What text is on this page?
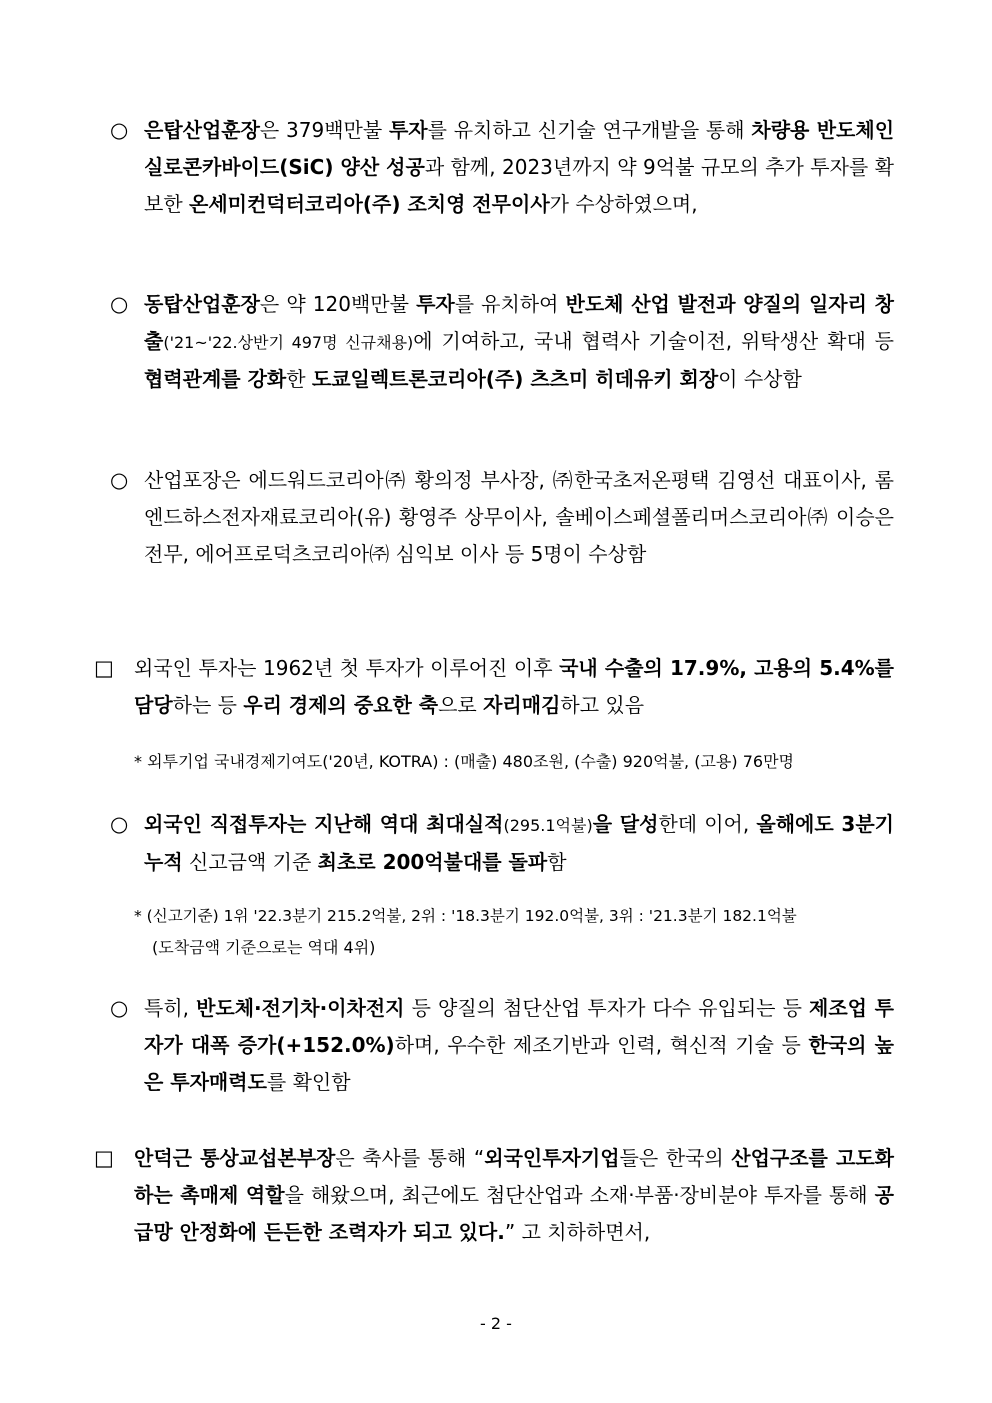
○ 은탑산업훈장은 379백만불 투자를 유치하고 신기술 연구개발을 통해 차량용 반도체인 실로콘카바이드(SiC) 양산 성공과 함께, 2023년까지 약 9억불 규모의 추가 투자를 확보한 온세미컨덕터코리아(주) 조치영 전무이사가 수상하였으며,

○ 동탑산업훈장은 약 120백만불 투자를 유치하여 반도체 산업 발전과 양질의 일자리 창출('21~'22.상반기 497명 신규채용)에 기여하고, 국내 협력사 기술이전, 위탁생산 확대 등 협력관계를 강화한 도쿄일렉트론코리아(주) 츠츠미 히데유키 회장이 수상함

○ 산업포장은 에드워드코리아㈜ 황의정 부사장, ㈜한국초저온평택 김영선 대표이사, 롬엔드하스전자재료코리아(유) 황영주 상무이사, 솔베이스페셜폴리머스코리아㈜ 이승은 전무, 에어프로덕츠코리아㈜ 심익보 이사 등 5명이 수상함

□ 외국인 투자는 1962년 첫 투자가 이루어진 이후 국내 수출의 17.9%, 고용의 5.4%를 담당하는 등 우리 경제의 중요한 축으로 자리매김하고 있음

* 외투기업 국내경제기여도('20년, KOTRA) : (매출) 480조원, (수출) 920억불, (고용) 76만명

○ 외국인 직접투자는 지난해 역대 최대실적(295.1억불)을 달성한데 이어, 올해에도 3분기 누적 신고금액 기준 최초로 200억불대를 돌파함

* (신고기준) 1위 '22.3분기 215.2억불, 2위 : '18.3분기 192.0억불, 3위 : '21.3분기 182.1억불

(도착금액 기준으로는 역대 4위)

○ 특히, 반도체·전기차·이차전지 등 양질의 첨단산업 투자가 다수 유입되는 등 제조업 투자가 대폭 증가(+152.0%)하며, 우수한 제조기반과 인력, 혁신적 기술 등 한국의 높은 투자매력도를 확인함

□ 안덕근 통상교섭본부장은 축사를 통해 “외국인투자기업들은 한국의 산업구조를 고도화하는 촉매제 역할을 해왔으며, 최근에도 첨단산업과 소재·부품·장비분야 투자를 통해 공급망 안정화에 든든한 조력자가 되고 있다.” 고 치하하면서,

- 2 -
